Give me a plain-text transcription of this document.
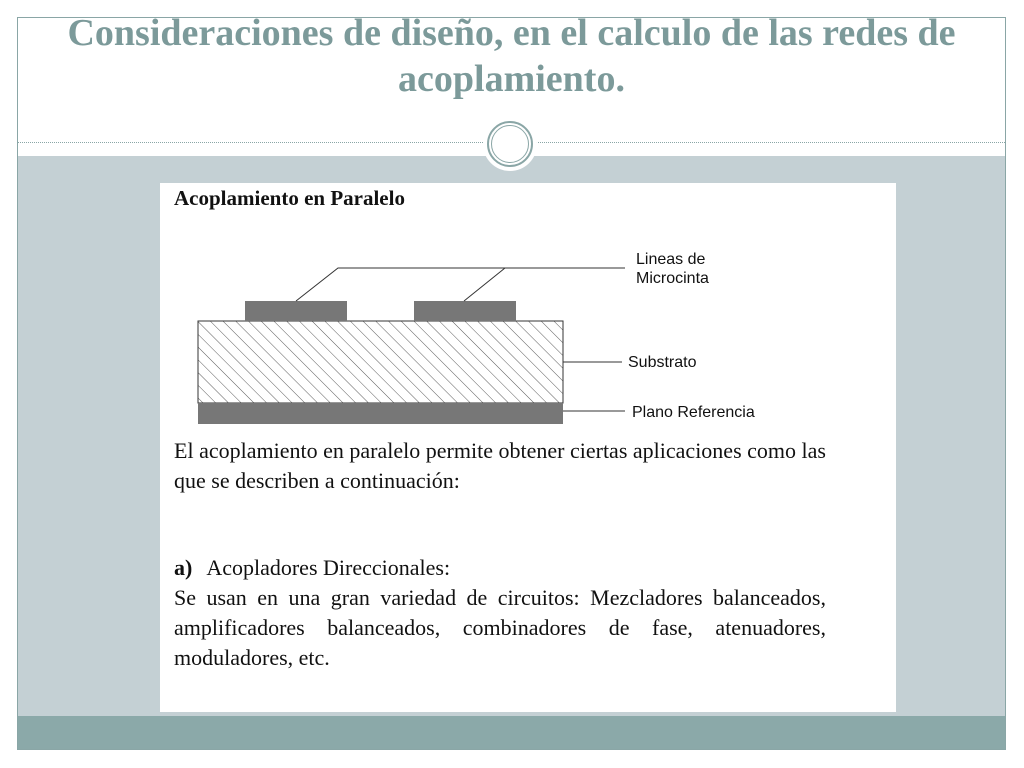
Consideraciones de diseño, en el calculo de las redes de acoplamiento.
Acoplamiento en Paralelo
Lineas de
Microcinta
Substrato
Plano Referencia

El acoplamiento en paralelo permite obtener ciertas aplicaciones como las que se describen a continuación:

a) Acopladores Direccionales:

Se usan en una gran variedad de circuitos: Mezcladores balanceados, amplificadores balanceados, combinadores de fase, atenuadores, moduladores, etc.
